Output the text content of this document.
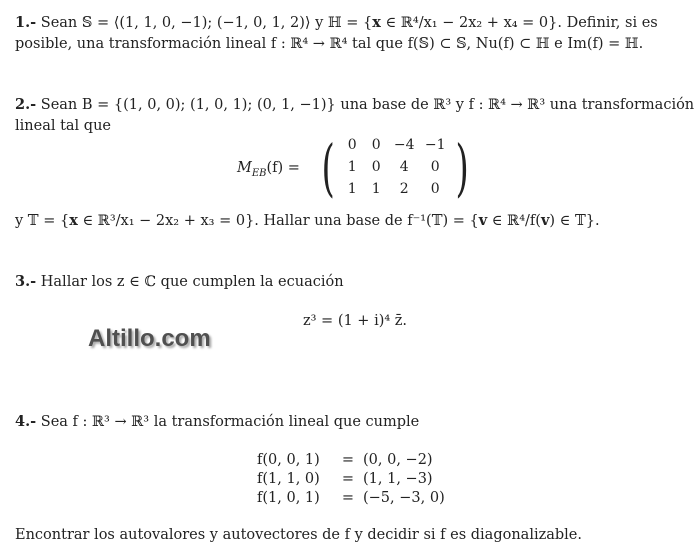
1.- Sean 𝕊 = ⟨(1, 1, 0, −1); (−1, 0, 1, 2)⟩ y ℍ = {x ∈ ℝ⁴/x₁ − 2x₂ + x₄ = 0}. Definir, si es
posible, una transformación lineal f : ℝ⁴ → ℝ⁴ tal que f(𝕊) ⊂ 𝕊, Nu(f) ⊂ ℍ e Im(f) = ℍ.
2.- Sean B = {(1, 0, 0); (1, 0, 1); (0, 1, −1)} una base de ℝ³ y f : ℝ⁴ → ℝ³ una transformación
lineal tal que
$M_{EB}(f)$ = ( 0	0 −4 −1
1	0	4	0
1	1	2	0 )
y 𝕋 = {x ∈ ℝ³/x₁ − 2x₂ + x₃ = 0}. Hallar una base de f⁻¹(𝕋) = {v ∈ ℝ⁴/f(v) ∈ 𝕋}.
3.- Hallar los z ∈ ℂ que cumplen la ecuación
z³ = (1 + i)⁴ z̄.
Altillo.com
4.- Sea f : ℝ³ → ℝ³ la transformación lineal que cumple
f(0, 0, 1)	= (0, 0, −2)
f(1, 1, 0)	= (1, 1, −3)
f(1, 0, 1)	= (−5, −3, 0)
Encontrar los autovalores y autovectores de f y decidir si f es diagonalizable.
